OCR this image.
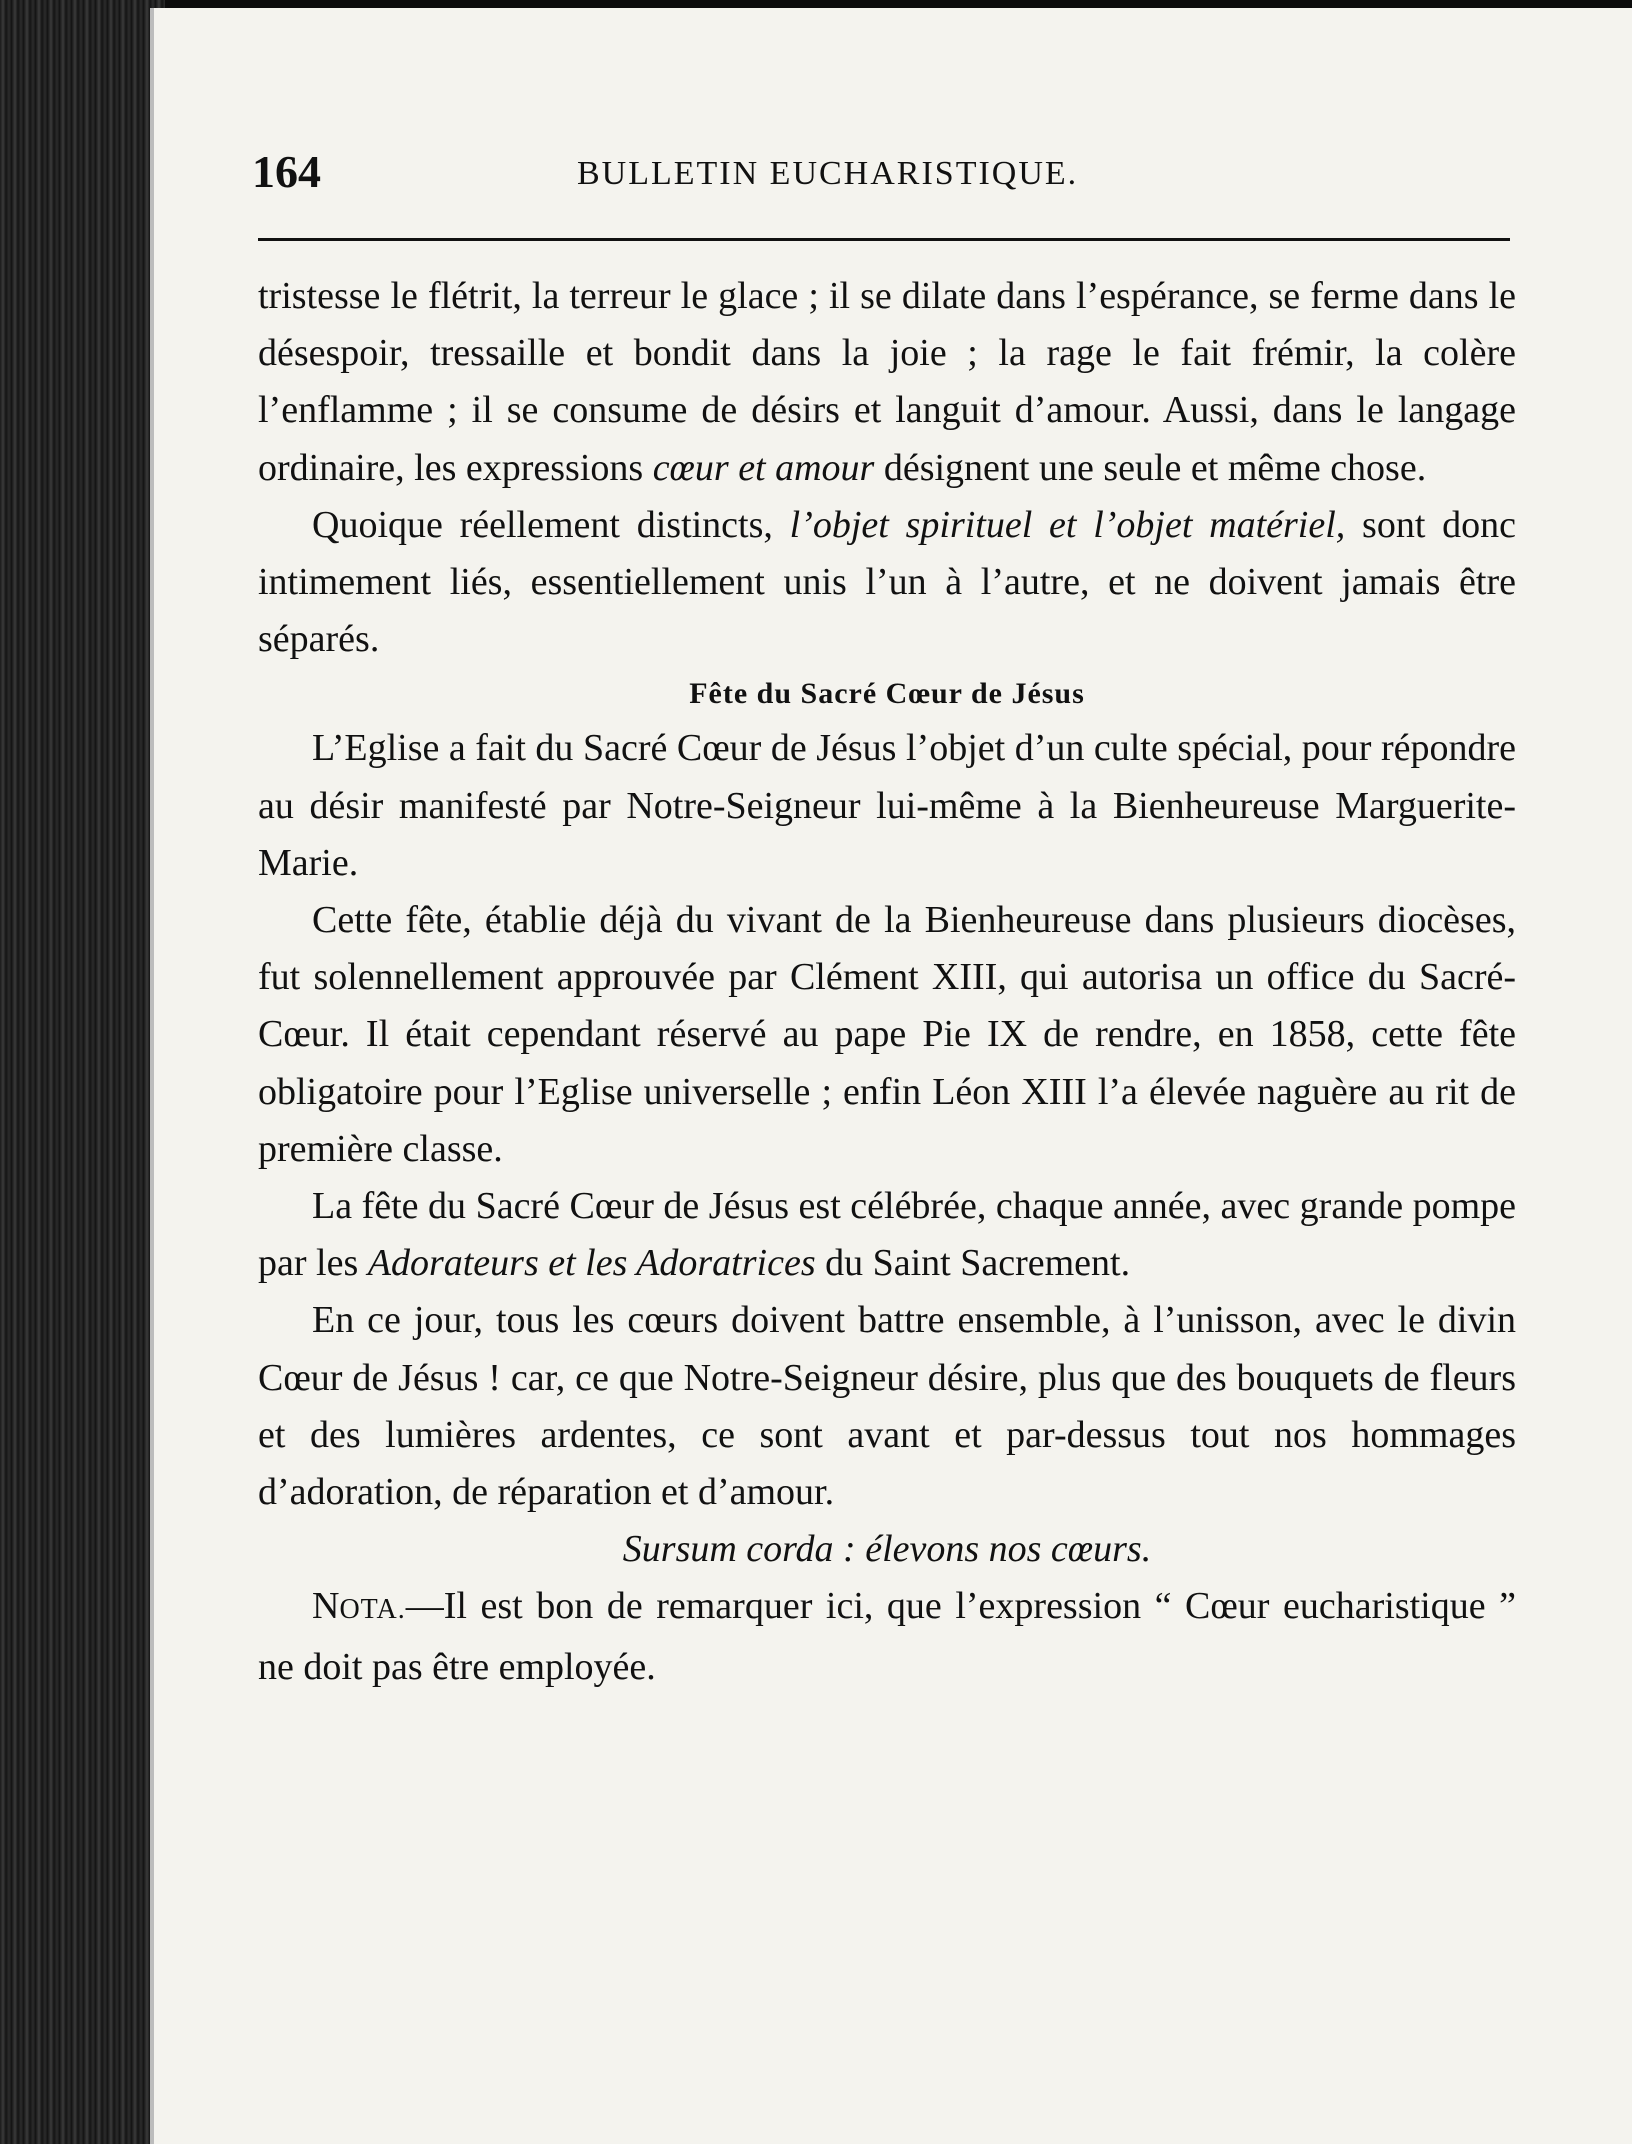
164	BULLETIN EUCHARISTIQUE.

tristesse le flétrit, la terreur le glace ; il se dilate dans l’espérance, se ferme dans le désespoir, tressaille et bondit dans la joie ; la rage le fait frémir, la colère l’enflamme ; il se consume de désirs et languit d’amour. Aussi, dans le langage ordinaire, les expressions cœur et amour désignent une seule et même chose.

Quoique réellement distincts, l’objet spirituel et l’objet matériel, sont donc intimement liés, essentiellement unis l’un à l’autre, et ne doivent jamais être séparés.

Fête du Sacré Cœur de Jésus

L’Eglise a fait du Sacré Cœur de Jésus l’objet d’un culte spécial, pour répondre au désir manifesté par Notre-Seigneur lui-même à la Bienheureuse Marguerite-Marie.

Cette fête, établie déjà du vivant de la Bienheureuse dans plusieurs diocèses, fut solennellement approuvée par Clément XIII, qui autorisa un office du Sacré-Cœur. Il était cependant réservé au pape Pie IX de rendre, en 1858, cette fête obligatoire pour l’Eglise universelle ; enfin Léon XIII l’a élevée naguère au rit de première classe.

La fête du Sacré Cœur de Jésus est célébrée, chaque année, avec grande pompe par les Adorateurs et les Adoratrices du Saint Sacrement.

En ce jour, tous les cœurs doivent battre ensemble, à l’unisson, avec le divin Cœur de Jésus ! car, ce que Notre-Seigneur désire, plus que des bouquets de fleurs et des lumières ardentes, ce sont avant et par-dessus tout nos hommages d’adoration, de réparation et d’amour.

Sursum corda : élevons nos cœurs.

NOTA.—Il est bon de remarquer ici, que l’expression “ Cœur eucharistique ” ne doit pas être employée.
